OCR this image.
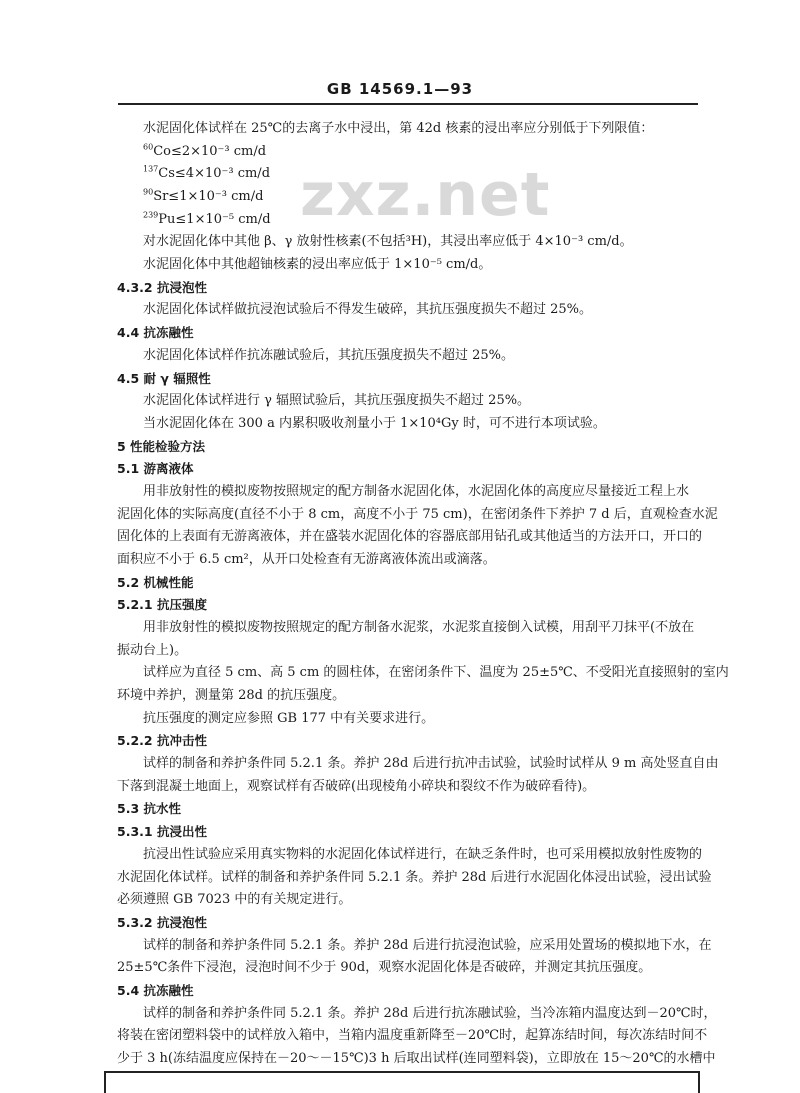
GB 14569.1—93
zxz.net
水泥固化体试样在 25℃的去离子水中浸出，第 42d 核素的浸出率应分别低于下列限值：
$^{60}$Co≤2×10⁻³ cm/d
$^{137}$Cs≤4×10⁻³ cm/d
$^{90}$Sr≤1×10⁻³ cm/d
$^{239}$Pu≤1×10⁻⁵ cm/d
对水泥固化体中其他 β、γ 放射性核素(不包括³H)，其浸出率应低于 4×10⁻³ cm/d。
水泥固化体中其他超铀核素的浸出率应低于 1×10⁻⁵ cm/d。
4.3.2 抗浸泡性
水泥固化体试样做抗浸泡试验后不得发生破碎，其抗压强度损失不超过 25%。
4.4 抗冻融性
水泥固化体试样作抗冻融试验后，其抗压强度损失不超过 25%。
4.5 耐 γ 辐照性
水泥固化体试样进行 γ 辐照试验后，其抗压强度损失不超过 25%。
当水泥固化体在 300 a 内累积吸收剂量小于 1×10⁴Gy 时，可不进行本项试验。
5 性能检验方法
5.1 游离液体
用非放射性的模拟废物按照规定的配方制备水泥固化体，水泥固化体的高度应尽量接近工程上水
泥固化体的实际高度(直径不小于 8 cm，高度不小于 75 cm)，在密闭条件下养护 7 d 后，直观检查水泥
固化体的上表面有无游离液体，并在盛装水泥固化体的容器底部用钻孔或其他适当的方法开口，开口的
面积应不小于 6.5 cm²，从开口处检查有无游离液体流出或滴落。
5.2 机械性能
5.2.1 抗压强度
用非放射性的模拟废物按照规定的配方制备水泥浆，水泥浆直接倒入试模，用刮平刀抹平(不放在
振动台上)。
试样应为直径 5 cm、高 5 cm 的圆柱体，在密闭条件下、温度为 25±5℃、不受阳光直接照射的室内
环境中养护，测量第 28d 的抗压强度。
抗压强度的测定应参照 GB 177 中有关要求进行。
5.2.2 抗冲击性
试样的制备和养护条件同 5.2.1 条。养护 28d 后进行抗冲击试验，试验时试样从 9 m 高处竖直自由
下落到混凝土地面上，观察试样有否破碎(出现棱角小碎块和裂纹不作为破碎看待)。
5.3 抗水性
5.3.1 抗浸出性
抗浸出性试验应采用真实物料的水泥固化体试样进行，在缺乏条件时，也可采用模拟放射性废物的
水泥固化体试样。试样的制备和养护条件同 5.2.1 条。养护 28d 后进行水泥固化体浸出试验，浸出试验
必须遵照 GB 7023 中的有关规定进行。
5.3.2 抗浸泡性
试样的制备和养护条件同 5.2.1 条。养护 28d 后进行抗浸泡试验，应采用处置场的模拟地下水，在
25±5℃条件下浸泡，浸泡时间不少于 90d，观察水泥固化体是否破碎，并测定其抗压强度。
5.4 抗冻融性
试样的制备和养护条件同 5.2.1 条。养护 28d 后进行抗冻融试验，当冷冻箱内温度达到－20℃时，
将装在密闭塑料袋中的试样放入箱中，当箱内温度重新降至－20℃时，起算冻结时间，每次冻结时间不
少于 3 h(冻结温度应保持在－20～－15℃)3 h 后取出试样(连同塑料袋)，立即放在 15～20℃的水槽中
